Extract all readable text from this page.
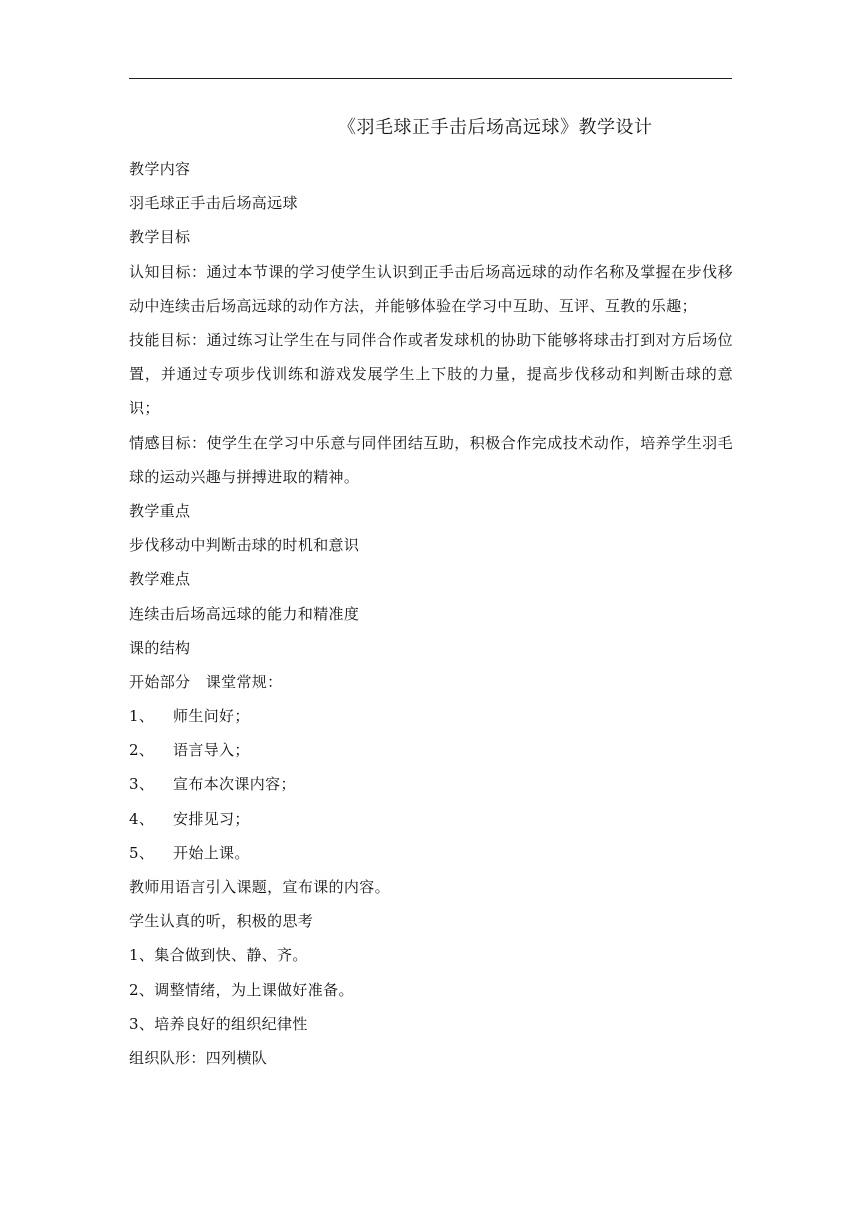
《羽毛球正手击后场高远球》教学设计
教学内容
羽毛球正手击后场高远球
教学目标
认知目标：通过本节课的学习使学生认识到正手击后场高远球的动作名称及掌握在步伐移动中连续击后场高远球的动作方法，并能够体验在学习中互助、互评、互教的乐趣；
技能目标：通过练习让学生在与同伴合作或者发球机的协助下能够将球击打到对方后场位置，并通过专项步伐训练和游戏发展学生上下肢的力量，提高步伐移动和判断击球的意识；
情感目标：使学生在学习中乐意与同伴团结互助，积极合作完成技术动作，培养学生羽毛球的运动兴趣与拼搏进取的精神。
教学重点
步伐移动中判断击球的时机和意识
教学难点
连续击后场高远球的能力和精准度
课的结构
开始部分　课堂常规：
1、 师生问好；
2、 语言导入；
3、 宣布本次课内容；
4、 安排见习；
5、 开始上课。
教师用语言引入课题，宣布课的内容。
学生认真的听，积极的思考
1、集合做到快、静、齐。
2、调整情绪，为上课做好准备。
3、培养良好的组织纪律性
组织队形：四列横队
